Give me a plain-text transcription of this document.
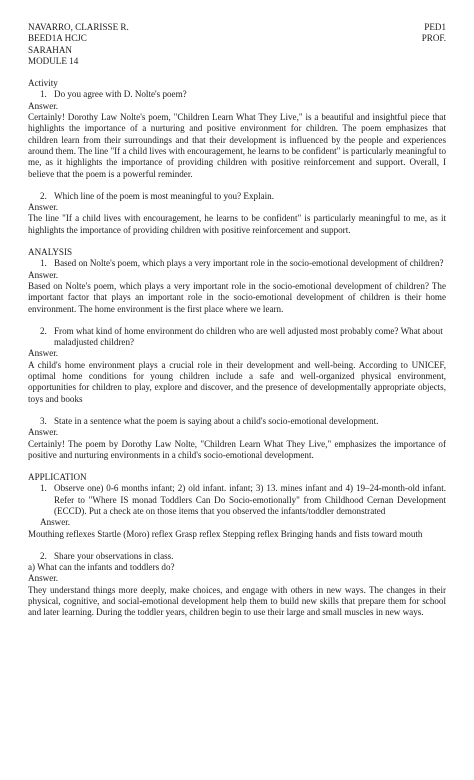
NAVARRO, CLARISSE R.	PED1
BEED1A HCJC	PROF.
SARAHAN
MODULE 14

Activity

1. Do you agree with D. Nolte's poem?

Answer.

Certainly! Dorothy Law Nolte's poem, "Children Learn What They Live," is a beautiful and insightful piece that highlights the importance of a nurturing and positive environment for children. The poem emphasizes that children learn from their surroundings and that their development is influenced by the people and experiences around them. The line "If a child lives with encouragement, he learns to be confident" is particularly meaningful to me, as it highlights the importance of providing children with positive reinforcement and support. Overall, I believe that the poem is a powerful reminder.

2. Which line of the poem is most meaningful to you? Explain.

Answer.

The line "If a child lives with encouragement, he learns to be confident" is particularly meaningful to me, as it highlights the importance of providing children with positive reinforcement and support.

ANALYSIS

1. Based on Nolte's poem, which plays a very important role in the socio-emotional development of children?

Answer.

Based on Nolte's poem, which plays a very important role in the socio-emotional development of children? The important factor that plays an important role in the socio-emotional development of children is their home environment. The home environment is the first place where we learn.

2. From what kind of home environment do children who are well adjusted most probably come? What about maladjusted children?

Answer.

A child's home environment plays a crucial role in their development and well-being. According to UNICEF, optimal home conditions for young children include a safe and well-organized physical environment, opportunities for children to play, explore and discover, and the presence of developmentally appropriate objects, toys and books

3. State in a sentence what the poem is saying about a child's socio-emotional development.

Answer.

Certainly! The poem by Dorothy Law Nolte, "Children Learn What They Live," emphasizes the importance of positive and nurturing environments in a child's socio-emotional development.

APPLICATION

1. Observe one) 0-6 months infant; 2) old infant. infant; 3) 13. mines infant and 4) 19–24-month-old infant. Refer to "Where IS monad Toddlers Can Do Socio-emotionally" from Childhood Cernan Development (ECCD). Put a check ate on those items that you observed the infants/toddler demonstrated

Answer.

Mouthing reflexes Startle (Moro) reflex Grasp reflex Stepping reflex Bringing hands and fists toward mouth

2. Share your observations in class.

a) What can the infants and toddlers do?

Answer.

They understand things more deeply, make choices, and engage with others in new ways. The changes in their physical, cognitive, and social-emotional development help them to build new skills that prepare them for school and later learning. During the toddler years, children begin to use their large and small muscles in new ways.
